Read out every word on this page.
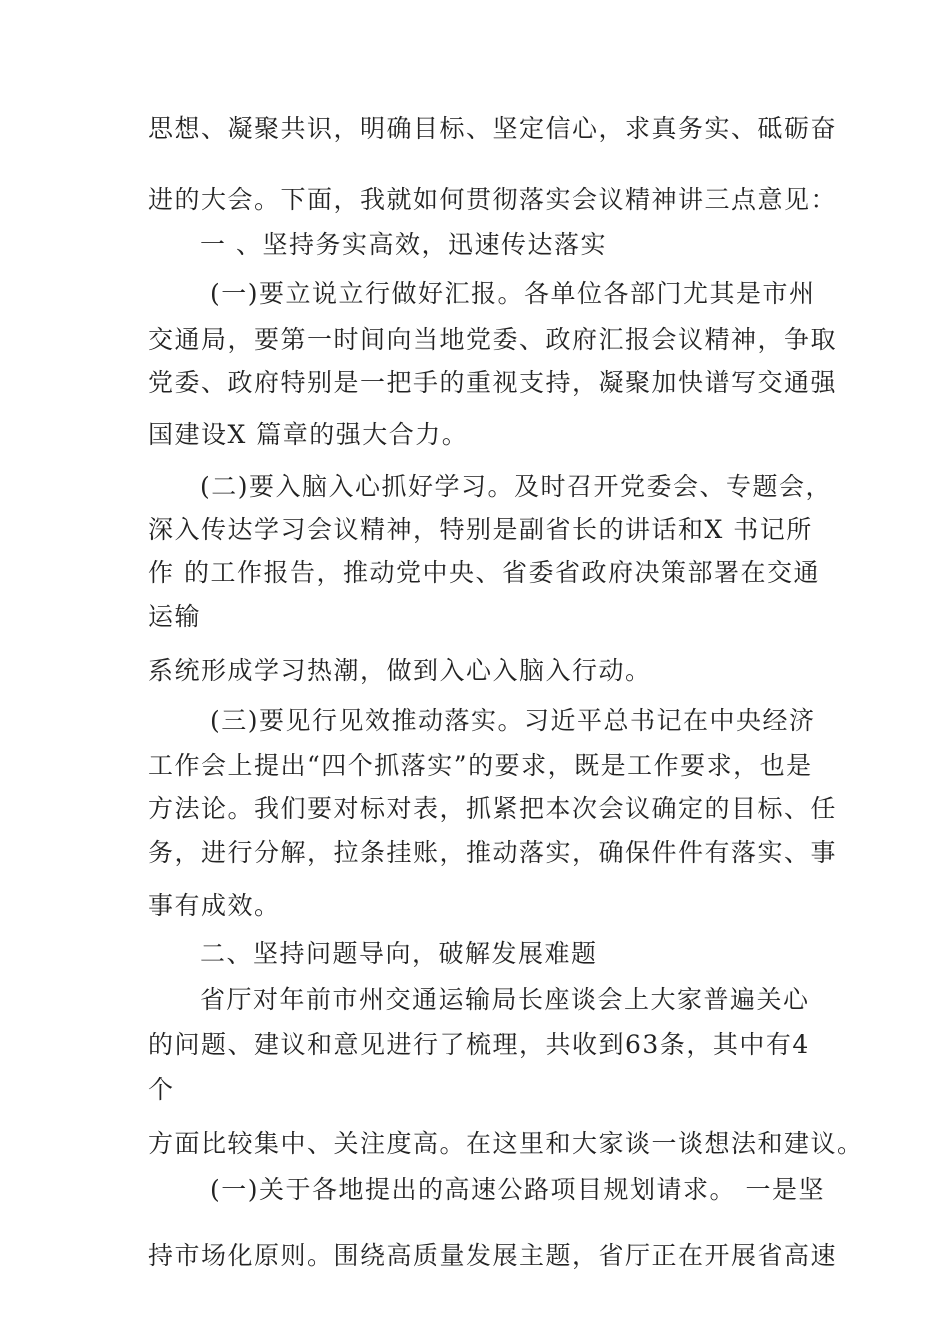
思想、凝聚共识，明确目标、坚定信心，求真务实、砥砺奋
进的大会。下面，我就如何贯彻落实会议精神讲三点意见：
一 、坚持务实高效，迅速传达落实
(一)要立说立行做好汇报。各单位各部门尤其是市州
交通局，要第一时间向当地党委、政府汇报会议精神，争取
党委、政府特别是一把手的重视支持，凝聚加快谱写交通强
国建设Ⅹ 篇章的强大合力。
(二)要入脑入心抓好学习。及时召开党委会、专题会，
深入传达学习会议精神，特别是副省长的讲话和X 书记所
作 的工作报告，推动党中央、省委省政府决策部署在交通
运输
系统形成学习热潮，做到入心入脑入行动。
(三)要见行见效推动落实。习近平总书记在中央经济
工作会上提出“四个抓落实”的要求，既是工作要求，也是
方法论。我们要对标对表，抓紧把本次会议确定的目标、任
务，进行分解，拉条挂账，推动落实，确保件件有落实、事
事有成效。
二、坚持问题导向，破解发展难题
省厅对年前市州交通运输局长座谈会上大家普遍关心
的问题、建议和意见进行了梳理，共收到63条，其中有4
个
方面比较集中、关注度高。在这里和大家谈一谈想法和建议。
(一)关于各地提出的高速公路项目规划请求。 一是坚
持市场化原则。围绕高质量发展主题，省厅正在开展省高速
